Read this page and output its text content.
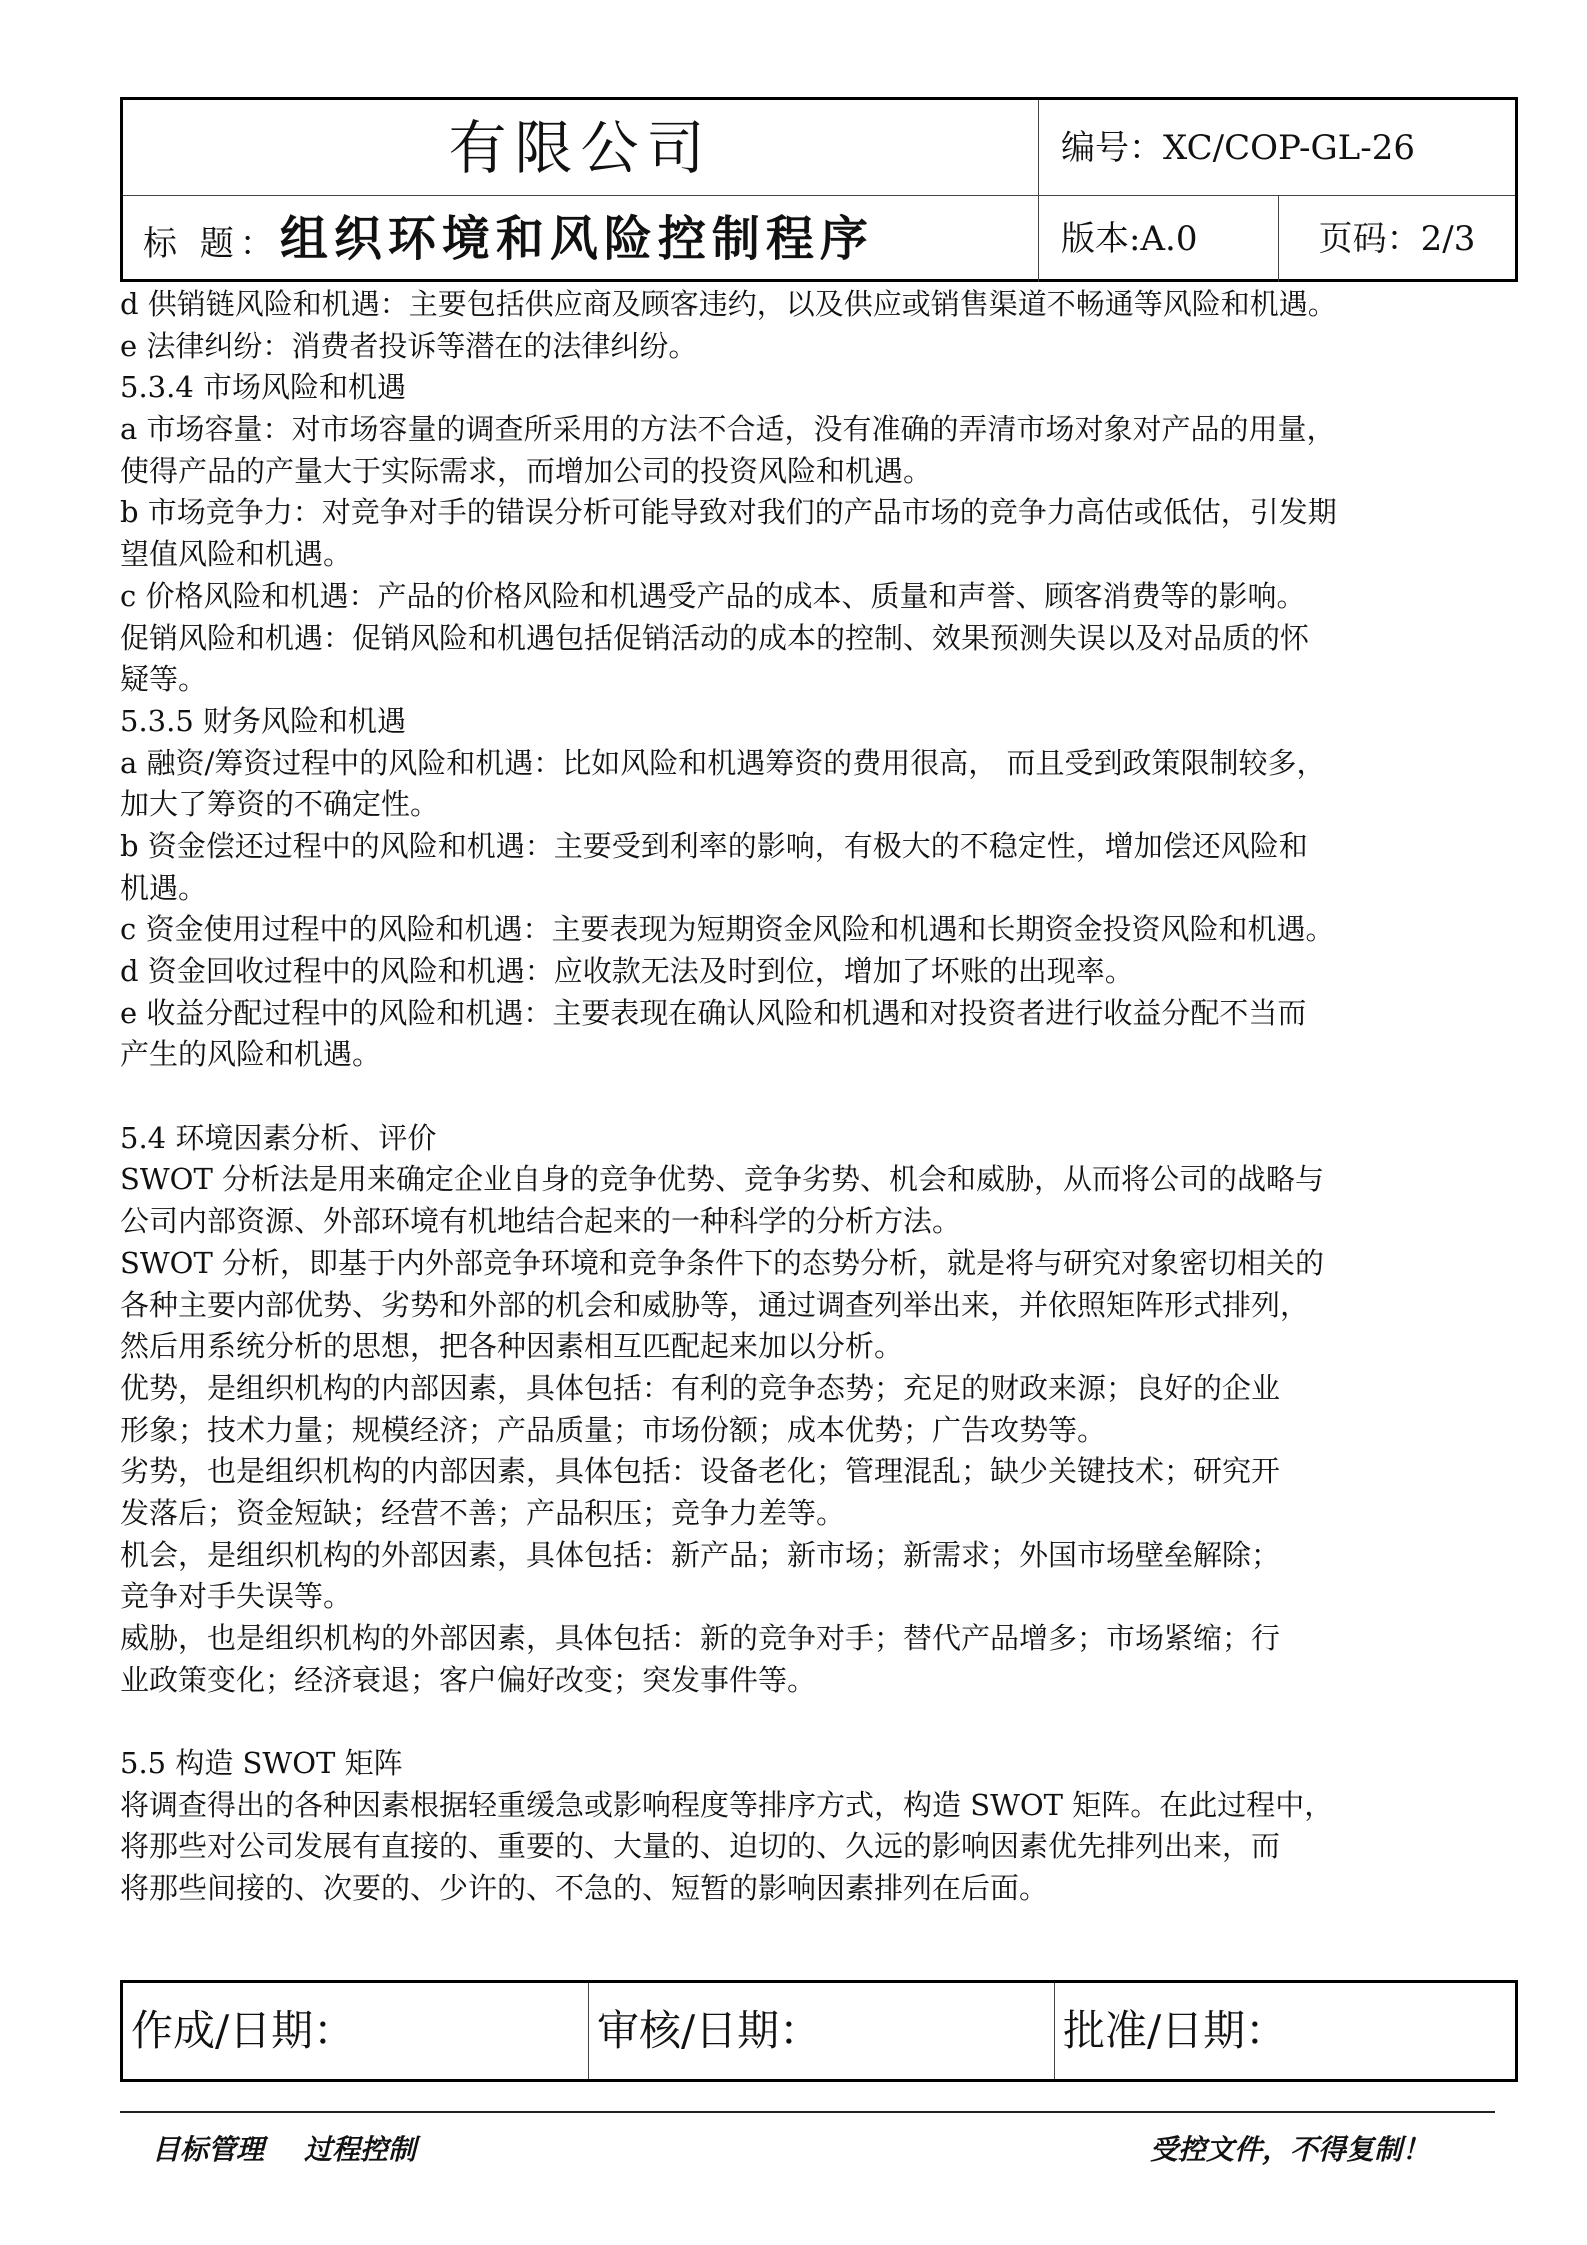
有限公司	编号：XC/COP-GL-26
标 题：组织环境和风险控制程序	版本:A.0	页码：2/3
d 供销链风险和机遇：主要包括供应商及顾客违约，以及供应或销售渠道不畅通等风险和机遇。
e 法律纠纷：消费者投诉等潜在的法律纠纷。
5.3.4 市场风险和机遇
a 市场容量：对市场容量的调查所采用的方法不合适，没有准确的弄清市场对象对产品的用量，
使得产品的产量大于实际需求，而增加公司的投资风险和机遇。
b 市场竞争力：对竞争对手的错误分析可能导致对我们的产品市场的竞争力高估或低估，引发期
望值风险和机遇。
c 价格风险和机遇：产品的价格风险和机遇受产品的成本、质量和声誉、顾客消费等的影响。
促销风险和机遇：促销风险和机遇包括促销活动的成本的控制、效果预测失误以及对品质的怀
疑等。
5.3.5 财务风险和机遇
a 融资/筹资过程中的风险和机遇：比如风险和机遇筹资的费用很高， 而且受到政策限制较多，
加大了筹资的不确定性。
b 资金偿还过程中的风险和机遇：主要受到利率的影响，有极大的不稳定性，增加偿还风险和
机遇。
c 资金使用过程中的风险和机遇：主要表现为短期资金风险和机遇和长期资金投资风险和机遇。
d 资金回收过程中的风险和机遇：应收款无法及时到位，增加了坏账的出现率。
e 收益分配过程中的风险和机遇：主要表现在确认风险和机遇和对投资者进行收益分配不当而
产生的风险和机遇。
5.4 环境因素分析、评价
SWOT 分析法是用来确定企业自身的竞争优势、竞争劣势、机会和威胁，从而将公司的战略与
公司内部资源、外部环境有机地结合起来的一种科学的分析方法。
SWOT 分析，即基于内外部竞争环境和竞争条件下的态势分析，就是将与研究对象密切相关的
各种主要内部优势、劣势和外部的机会和威胁等，通过调查列举出来，并依照矩阵形式排列，
然后用系统分析的思想，把各种因素相互匹配起来加以分析。
优势，是组织机构的内部因素，具体包括：有利的竞争态势；充足的财政来源；良好的企业
形象；技术力量；规模经济；产品质量；市场份额；成本优势；广告攻势等。
劣势，也是组织机构的内部因素，具体包括：设备老化；管理混乱；缺少关键技术；研究开
发落后；资金短缺；经营不善；产品积压；竞争力差等。
机会，是组织机构的外部因素，具体包括：新产品；新市场；新需求；外国市场壁垒解除；
竞争对手失误等。
威胁，也是组织机构的外部因素，具体包括：新的竞争对手；替代产品增多；市场紧缩；行
业政策变化；经济衰退；客户偏好改变；突发事件等。
5.5 构造 SWOT 矩阵
将调查得出的各种因素根据轻重缓急或影响程度等排序方式，构造 SWOT 矩阵。在此过程中，
将那些对公司发展有直接的、重要的、大量的、迫切的、久远的影响因素优先排列出来，而
将那些间接的、次要的、少许的、不急的、短暂的影响因素排列在后面。
作成/日期：	审核/日期：	批准/日期：
目标管理 过程控制	受控文件，不得复制！
